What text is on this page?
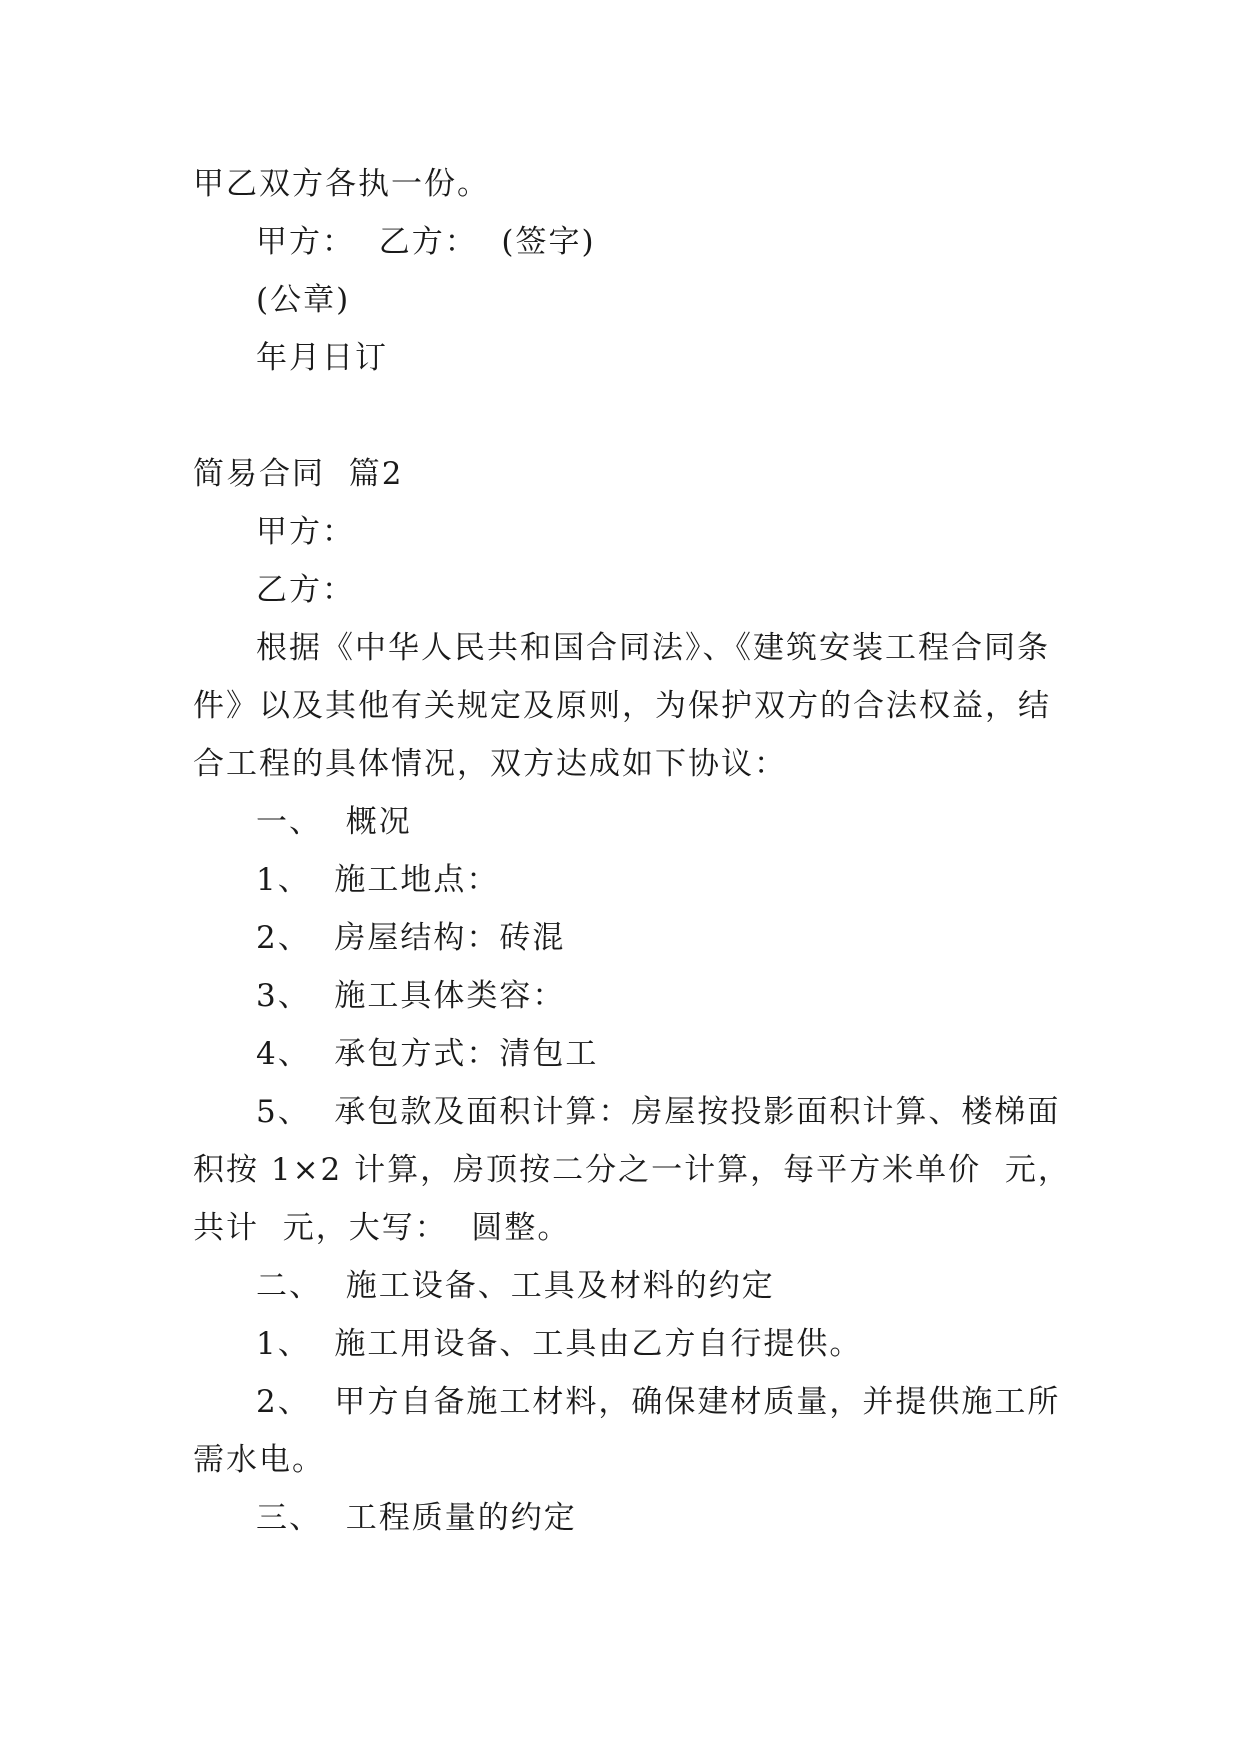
甲乙双方各执一份。
甲方：  乙方：  (签字)
(公章)
年月日订
简易合同  篇2
甲方：
乙方：
根据《中华人民共和国合同法》、《建筑安装工程合同条
件》以及其他有关规定及原则，为保护双方的合法权益，结
合工程的具体情况，双方达成如下协议：
一、  概况
1、  施工地点：
2、  房屋结构：砖混
3、  施工具体类容：
4、  承包方式：清包工
5、  承包款及面积计算：房屋按投影面积计算、楼梯面
积按 1×2 计算，房顶按二分之一计算，每平方米单价  元，
共计  元，大写：  圆整。
二、  施工设备、工具及材料的约定
1、  施工用设备、工具由乙方自行提供。
2、  甲方自备施工材料，确保建材质量，并提供施工所
需水电。
三、  工程质量的约定
